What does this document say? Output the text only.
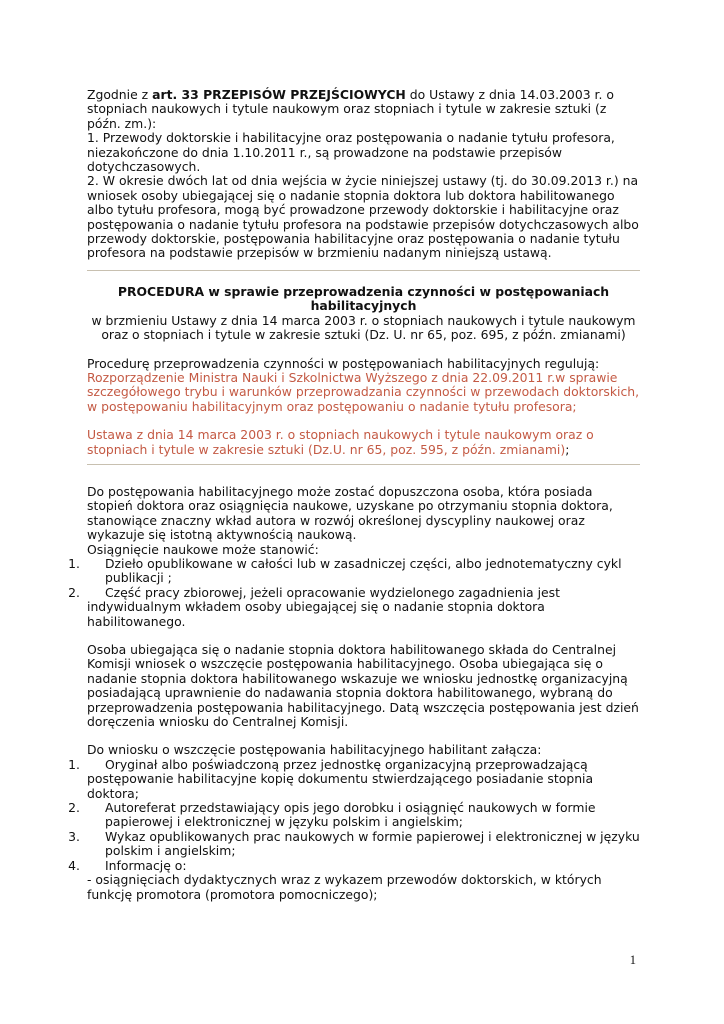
Zgodnie z art. 33 PRZEPISÓW PRZEJŚCIOWYCH do Ustawy z dnia 14.03.2003 r. o stopniach naukowych i tytule naukowym oraz stopniach i tytule w zakresie sztuki (z późn. zm.):

1. Przewody doktorskie i habilitacyjne oraz postępowania o nadanie tytułu profesora, niezakończone do dnia 1.10.2011 r., są prowadzone na podstawie przepisów dotychczasowych.

2. W okresie dwóch lat od dnia wejścia w życie niniejszej ustawy (tj. do 30.09.2013 r.) na wniosek osoby ubiegającej się o nadanie stopnia doktora lub doktora habilitowanego albo tytułu profesora, mogą być prowadzone przewody doktorskie i habilitacyjne oraz postępowania o nadanie tytułu profesora na podstawie przepisów dotychczasowych albo przewody doktorskie, postępowania habilitacyjne oraz postępowania o nadanie tytułu profesora na podstawie przepisów w brzmieniu nadanym niniejszą ustawą.

PROCEDURA w sprawie przeprowadzenia czynności w postępowaniach habilitacyjnych

w brzmieniu Ustawy z dnia 14 marca 2003 r. o stopniach naukowych i tytule naukowym oraz o stopniach i tytule w zakresie sztuki (Dz. U. nr 65, poz. 695, z późn. zmianami)

Procedurę przeprowadzenia czynności w postępowaniach habilitacyjnych regulują:

Rozporządzenie Ministra Nauki i Szkolnictwa Wyższego z dnia 22.09.2011 r.w sprawie szczegółowego trybu i warunków przeprowadzania czynności w przewodach doktorskich, w postępowaniu habilitacyjnym oraz postępowaniu o nadanie tytułu profesora;

Ustawa z dnia 14 marca 2003 r. o stopniach naukowych i tytule naukowym oraz o stopniach i tytule w zakresie sztuki (Dz.U. nr 65, poz. 595, z późn. zmianami);

Do postępowania habilitacyjnego może zostać dopuszczona osoba, która posiada stopień doktora oraz osiągnięcia naukowe, uzyskane po otrzymaniu stopnia doktora, stanowiące znaczny wkład autora w rozwój określonej dyscypliny naukowej oraz wykazuje się istotną aktywnością naukową.

Osiągnięcie naukowe może stanowić:

1. Dzieło opublikowane w całości lub w zasadniczej części, albo jednotematyczny cykl publikacji ;
2. Część pracy zbiorowej, jeżeli opracowanie wydzielonego zagadnienia jest indywidualnym wkładem osoby ubiegającej się o nadanie stopnia doktora habilitowanego.

Osoba ubiegająca się o nadanie stopnia doktora habilitowanego składa do Centralnej Komisji wniosek o wszczęcie postępowania habilitacyjnego. Osoba ubiegająca się o nadanie stopnia doktora habilitowanego wskazuje we wniosku jednostkę organizacyjną posiadającą uprawnienie do nadawania stopnia doktora habilitowanego, wybraną do przeprowadzenia postępowania habilitacyjnego. Datą wszczęcia postępowania jest dzień doręczenia wniosku do Centralnej Komisji.

Do wniosku o wszczęcie postępowania habilitacyjnego habilitant załącza:

1. Oryginał albo poświadczoną przez jednostkę organizacyjną przeprowadzającą postępowanie habilitacyjne kopię dokumentu stwierdzającego posiadanie stopnia doktora;
2. Autoreferat przedstawiający opis jego dorobku i osiągnięć naukowych w formie papierowej i elektronicznej w języku polskim i angielskim;
3. Wykaz opublikowanych prac naukowych w formie papierowej i elektronicznej w języku polskim i angielskim;
4. Informację o:

- osiągnięciach dydaktycznych wraz z wykazem przewodów doktorskich, w których funkcję promotora (promotora pomocniczego);

1
